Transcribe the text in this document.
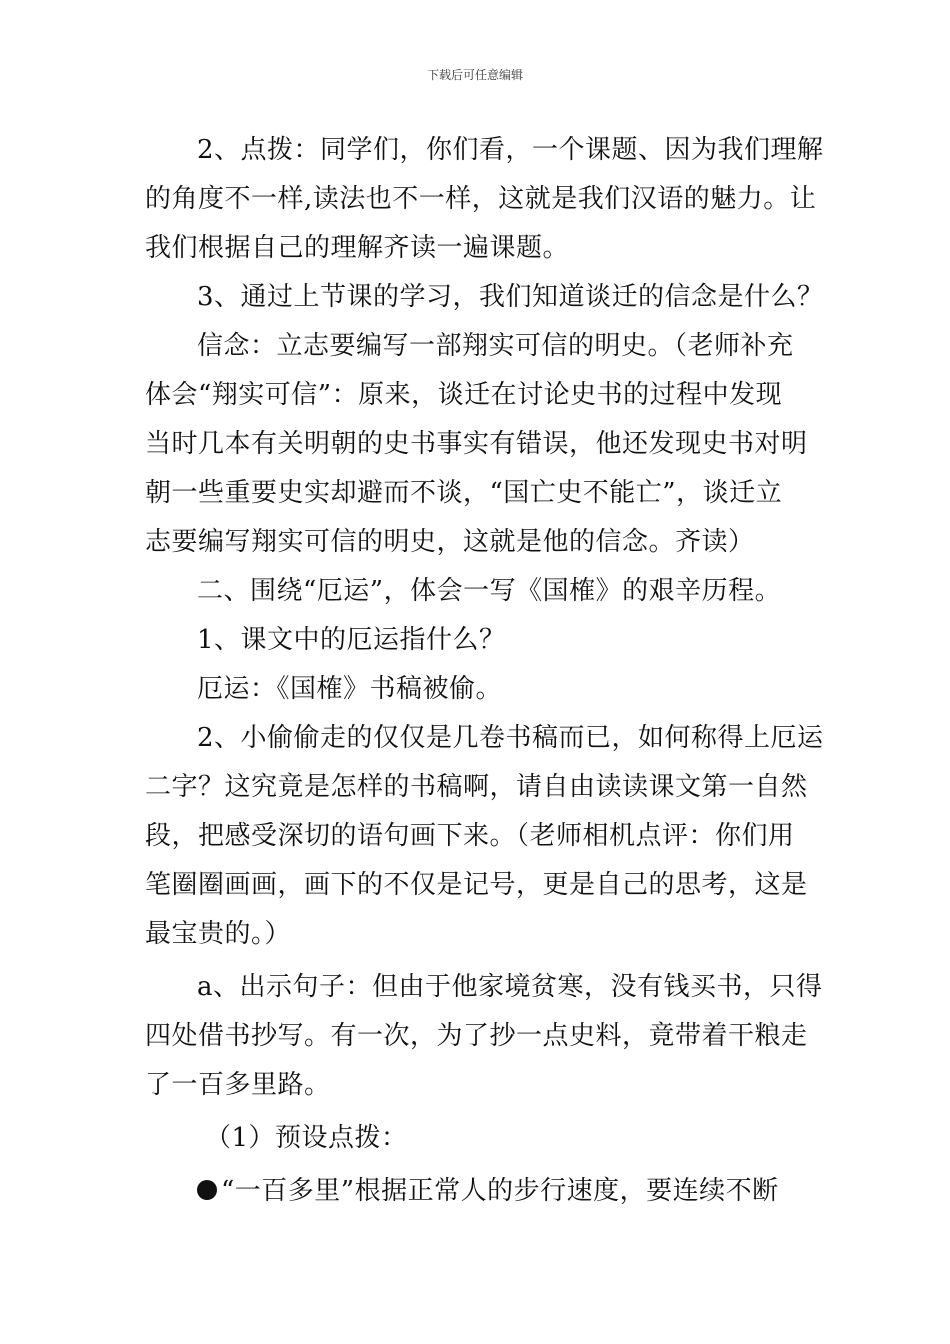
下载后可任意编辑
2、点拨：同学们，你们看，一个课题、因为我们理解
的角度不一样,读法也不一样，这就是我们汉语的魅力。让
我们根据自己的理解齐读一遍课题。
3、通过上节课的学习，我们知道谈迁的信念是什么？
信念：立志要编写一部翔实可信的明史。（老师补充
体会“翔实可信”：原来，谈迁在讨论史书的过程中发现
当时几本有关明朝的史书事实有错误，他还发现史书对明
朝一些重要史实却避而不谈，“国亡史不能亡”，谈迁立
志要编写翔实可信的明史，这就是他的信念。齐读）
二、围绕“厄运”，体会一写《国榷》的艰辛历程。
1、课文中的厄运指什么？
厄运：《国榷》书稿被偷。
2、小偷偷走的仅仅是几卷书稿而已，如何称得上厄运
二字？这究竟是怎样的书稿啊，请自由读读课文第一自然
段，把感受深切的语句画下来。（老师相机点评：你们用
笔圈圈画画，画下的不仅是记号，更是自己的思考，这是
最宝贵的。）
a、出示句子：但由于他家境贫寒，没有钱买书，只得
四处借书抄写。有一次，为了抄一点史料，竟带着干粮走
了一百多里路。
（1）预设点拨：
“一百多里”根据正常人的步行速度，要连续不断
